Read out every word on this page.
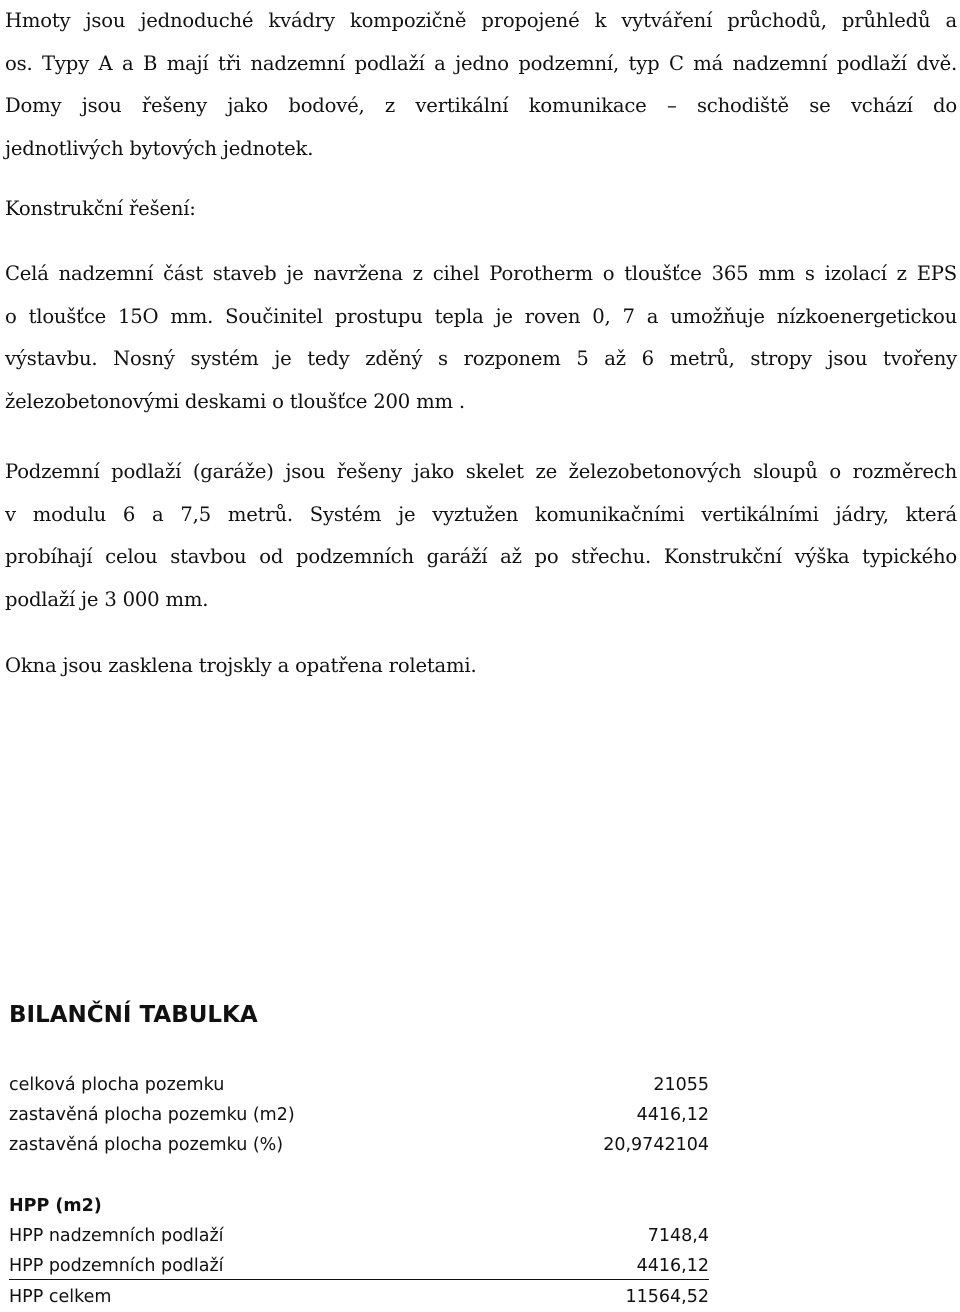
Hmoty jsou jednoduché kvádry kompozičně propojené k vytváření průchodů, průhledů a
os. Typy A a B mají tři nadzemní podlaží a jedno podzemní, typ C má nadzemní podlaží dvě.
Domy jsou řešeny jako bodové, z vertikální komunikace – schodiště se vchází do
jednotlivých bytových jednotek.
Konstrukční řešení:
Celá nadzemní část staveb je navržena z cihel Porotherm o tloušťce 365 mm s izolací z EPS
o tloušťce 15O mm. Součinitel prostupu tepla je roven 0, 7 a umožňuje nízkoenergetickou
výstavbu. Nosný systém je tedy zděný s rozponem 5 až 6 metrů, stropy jsou tvořeny
železobetonovými deskami o tloušťce 200 mm .
Podzemní podlaží (garáže) jsou řešeny jako skelet ze železobetonových sloupů o rozměrech
v modulu 6 a 7,5 metrů. Systém je vyztužen komunikačními vertikálními jádry, která
probíhají celou stavbou od podzemních garáží až po střechu. Konstrukční výška typického
podlaží je 3 000 mm.
Okna jsou zasklena trojskly a opatřena roletami.
BILANČNÍ TABULKA
celková plocha pozemku	21055
zastavěná plocha pozemku (m2)	4416,12
zastavěná plocha pozemku (%)	20,9742104
HPP (m2)
HPP nadzemních podlaží	7148,4
HPP podzemních podlaží	4416,12
HPP celkem	11564,52
